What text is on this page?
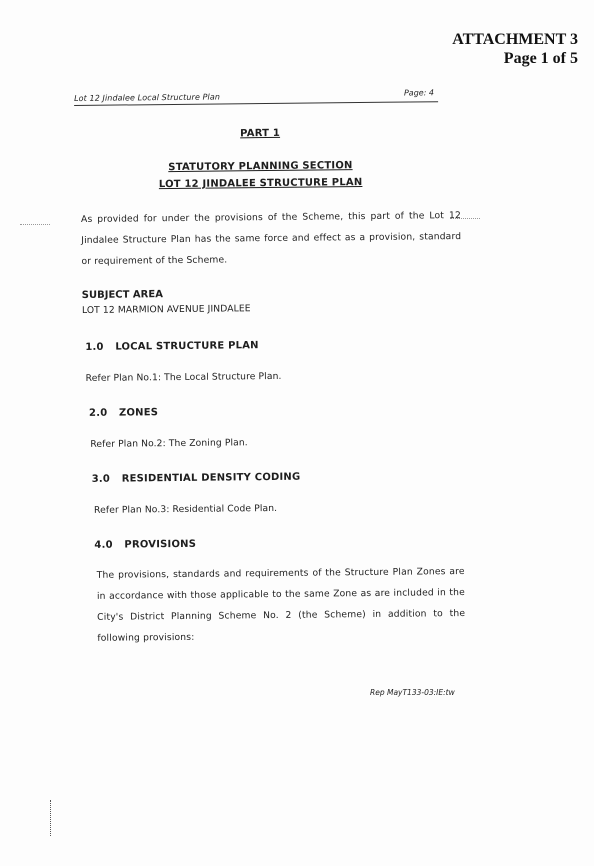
ATTACHMENT 3
Page 1 of 5
Lot 12 Jindalee Local Structure Plan	Page: 4
PART 1
STATUTORY PLANNING SECTION
LOT 12 JINDALEE STRUCTURE PLAN
As provided for under the provisions of the Scheme, this part of the Lot 12 Jindalee Structure Plan has the same force and effect as a provision, standard or requirement of the Scheme.
SUBJECT AREA
LOT 12 MARMION AVENUE JINDALEE
1.0 LOCAL STRUCTURE PLAN
Refer Plan No.1: The Local Structure Plan.
2.0 ZONES
Refer Plan No.2: The Zoning Plan.
3.0 RESIDENTIAL DENSITY CODING
Refer Plan No.3: Residential Code Plan.
4.0 PROVISIONS
The provisions, standards and requirements of the Structure Plan Zones are in accordance with those applicable to the same Zone as are included in the City's District Planning Scheme No. 2 (the Scheme) in addition to the following provisions:
Rep MayT133-03:IE:tw
